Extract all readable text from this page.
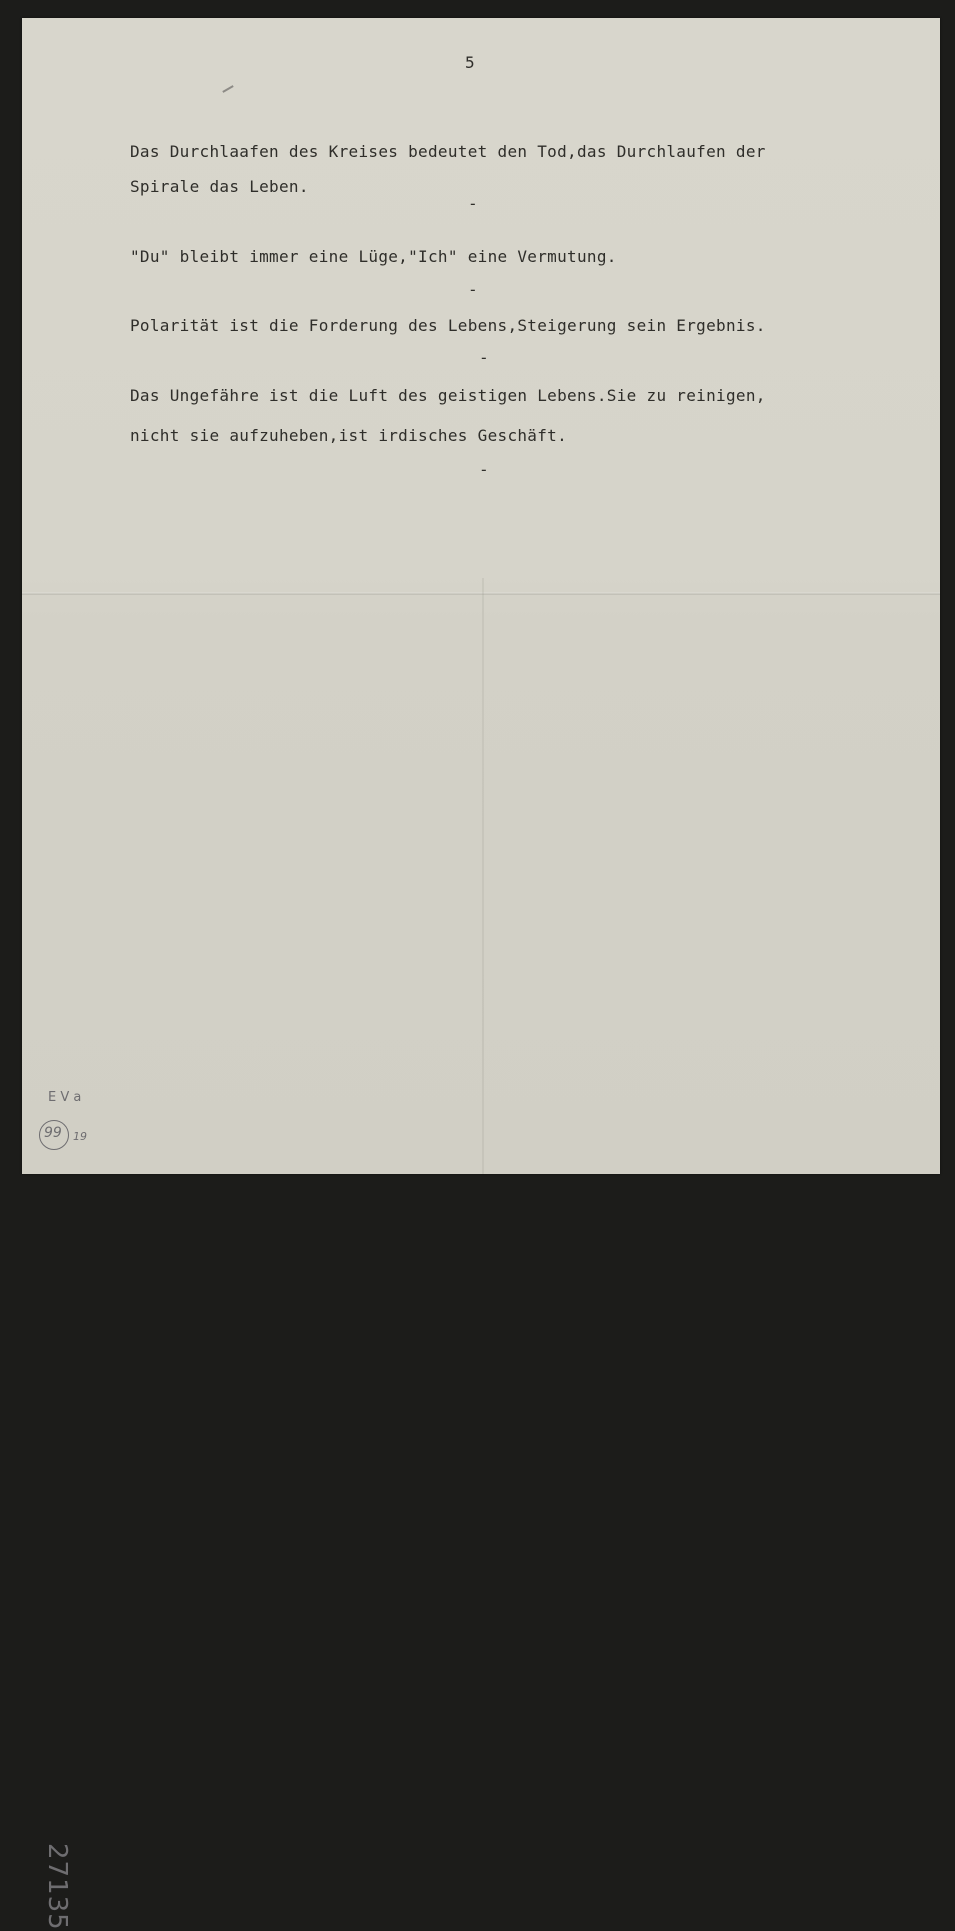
5
Das Durchlaafen des Kreises bedeutet den Tod,das Durchlaufen der
Spirale das Leben.
-
"Du" bleibt immer eine Lüge,"Ich" eine Vermutung.
-
Polarität ist die Forderung des Lebens,Steigerung sein Ergebnis.
-
Das Ungefähre ist die Luft des geistigen Lebens.Sie zu reinigen,
nicht sie aufzuheben,ist irdisches Geschäft.
-
27135
E V a
99 19
